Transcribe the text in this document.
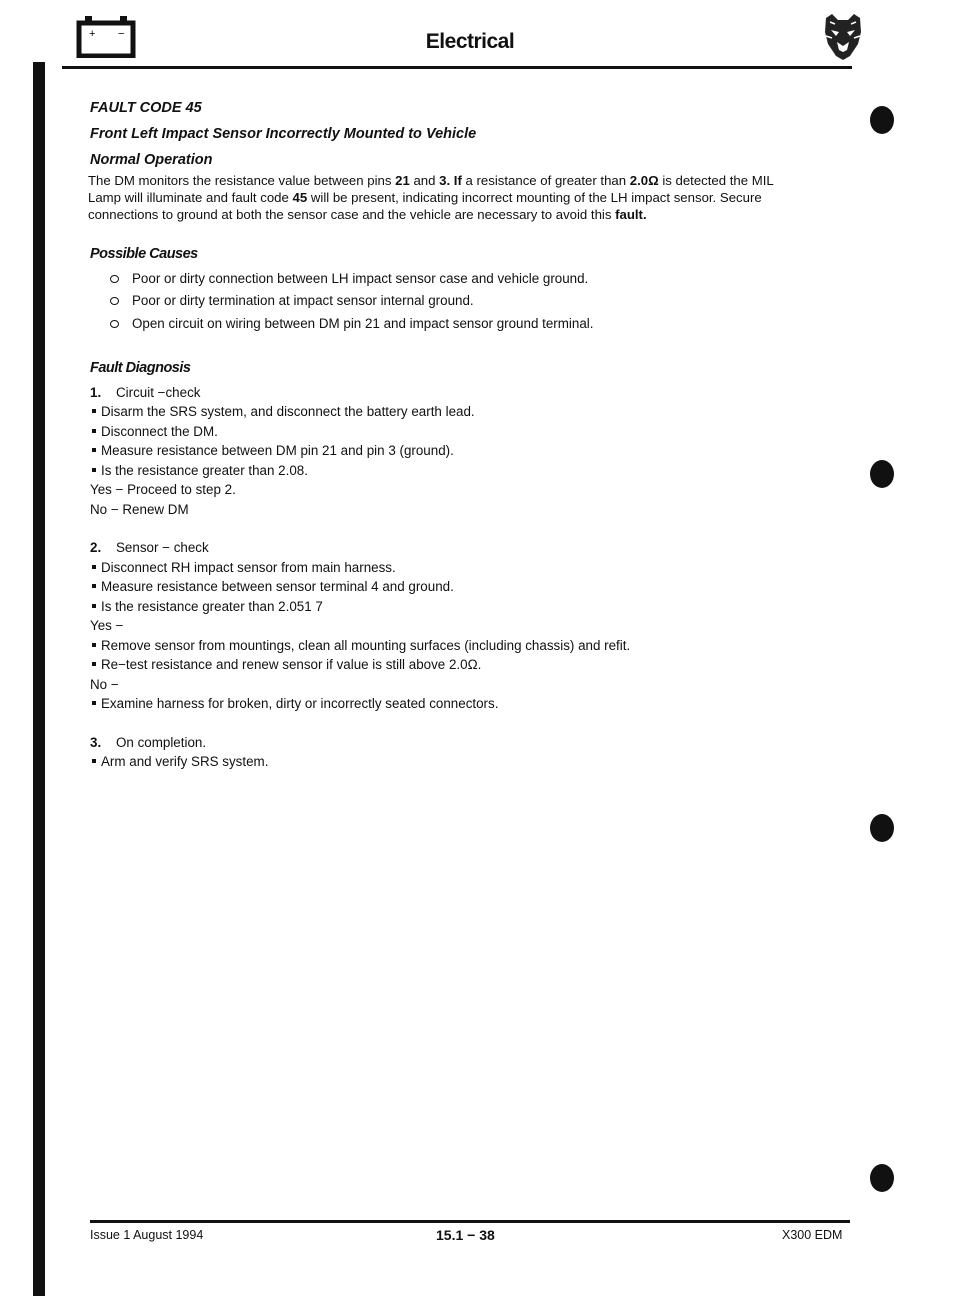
+ −	Electrical

FAULT CODE 45

Front Left Impact Sensor Incorrectly Mounted to Vehicle

Normal Operation

The DM monitors the resistance value between pins 21 and 3. If a resistance of greater than 2.0Ω is detected the MIL
Lamp will illuminate and fault code 45 will be present, indicating incorrect mounting of the LH impact sensor. Secure
connections to ground at both the sensor case and the vehicle are necessary to avoid this fault.
Possible Causes
Poor or dirty connection between LH impact sensor case and vehicle ground.
Poor or dirty termination at impact sensor internal ground.
Open circuit on wiring between DM pin 21 and impact sensor ground terminal.
Fault Diagnosis

1. Circuit −check

Disarm the SRS system, and disconnect the battery earth lead.

Disconnect the DM.

Measure resistance between DM pin 21 and pin 3 (ground).

Is the resistance greater than 2.08.

Yes − Proceed to step 2.

No − Renew DM

2. Sensor − check

Disconnect RH impact sensor from main harness.

Measure resistance between sensor terminal 4 and ground.

Is the resistance greater than 2.051 7

Yes −

Remove sensor from mountings, clean all mounting surfaces (including chassis) and refit.

Re−test resistance and renew sensor if value is still above 2.0Ω.

No −

Examine harness for broken, dirty or incorrectly seated connectors.

3. On completion.

Arm and verify SRS system.

Issue 1 August 1994	15.1 − 38	X300 EDM
